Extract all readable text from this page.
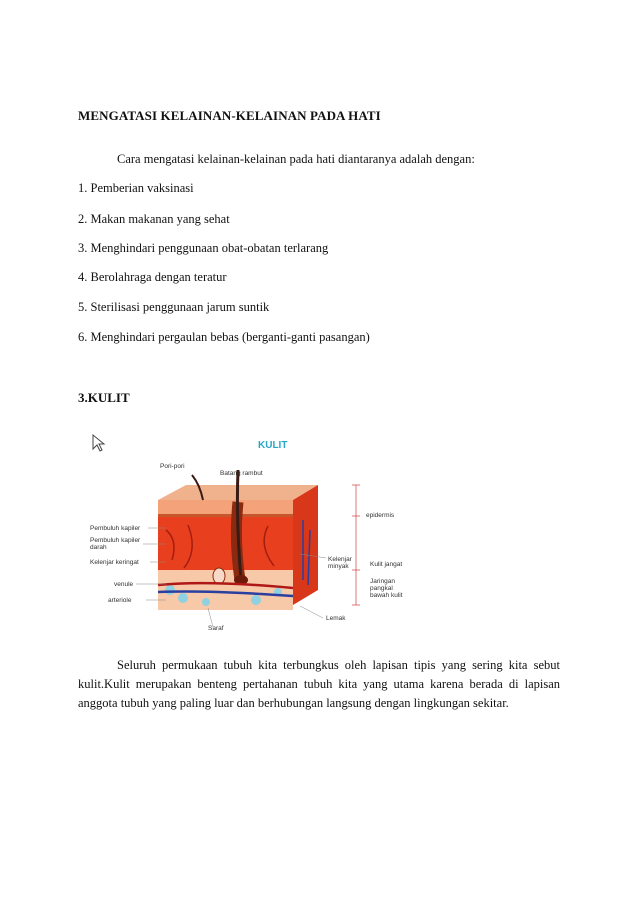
MENGATASI KELAINAN-KELAINAN PADA HATI
Cara mengatasi kelainan-kelainan pada hati diantaranya adalah dengan:
1. Pemberian vaksinasi
2. Makan makanan yang sehat
3. Menghindari penggunaan obat-obatan terlarang
4. Berolahraga dengan teratur
5. Sterilisasi penggunaan jarum suntik
6. Menghindari pergaulan bebas (berganti-ganti pasangan)
3.KULIT
KULIT
Pori-pori
Batang rambut
epidermis
Pembuluh kapiler
Pembuluh kapiler
darah
Kelenjar keringat	Kulit jangat
Kelenjar
minyak
Jaringan
pangkal
bawah kulit
venule
arteriole
Lemak
Saraf
Seluruh permukaan tubuh kita terbungkus oleh lapisan tipis yang sering kita sebut kulit.Kulit merupakan benteng pertahanan tubuh kita yang utama karena berada di lapisan anggota tubuh yang paling luar dan berhubungan langsung dengan lingkungan sekitar.
